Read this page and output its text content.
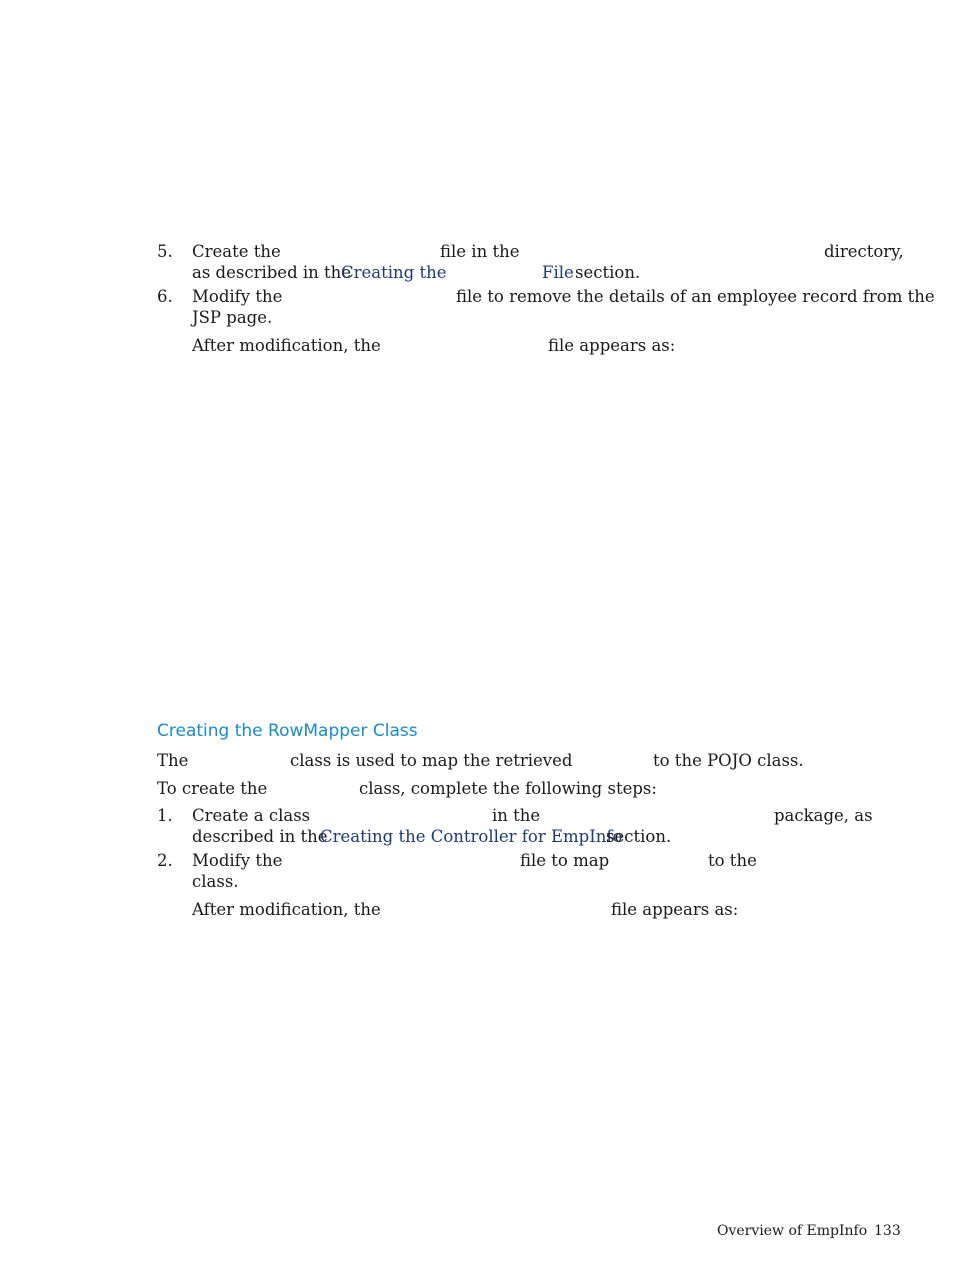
5. Create the	file in the	directory,
as described in the
Creating the	File section.
6. Modify the	file to remove the details of an employee record from the
JSP page.
After modification, the	file appears as:
Creating the RowMapper Class
The	class is used to map the retrieved	to the POJO class.
To create the	class, complete the following steps:
1. Create a class	in the	package, as
described in the
Creating the Controller for EmpInfo
section.
2. Modify the	file to map	to the
class.
After modification, the	file appears as:
Overview of EmpInfo 133
